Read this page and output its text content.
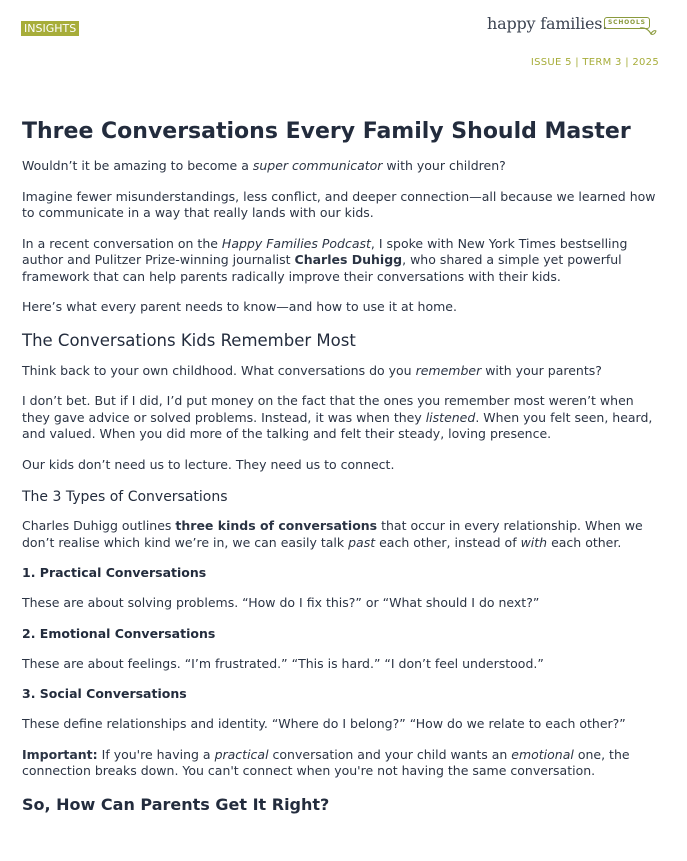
INSIGHTS	happy families. SCHOOLS
ISSUE 5 | TERM 3 | 2025
Three Conversations Every Family Should Master

Wouldn’t it be amazing to become a super communicator with your children?

Imagine fewer misunderstandings, less conflict, and deeper connection—all because we learned how to communicate in a way that really lands with our kids.

In a recent conversation on the Happy Families Podcast, I spoke with New York Times bestselling author and Pulitzer Prize-winning journalist Charles Duhigg, who shared a simple yet powerful framework that can help parents radically improve their conversations with their kids.

Here’s what every parent needs to know—and how to use it at home.

The Conversations Kids Remember Most

Think back to your own childhood. What conversations do you remember with your parents?

I don’t bet. But if I did, I’d put money on the fact that the ones you remember most weren’t when they gave advice or solved problems. Instead, it was when they listened. When you felt seen, heard, and valued. When you did more of the talking and felt their steady, loving presence.

Our kids don’t need us to lecture. They need us to connect.

The 3 Types of Conversations

Charles Duhigg outlines three kinds of conversations that occur in every relationship. When we don’t realise which kind we’re in, we can easily talk past each other, instead of with each other.

1. Practical Conversations

These are about solving problems. “How do I fix this?” or “What should I do next?”

2. Emotional Conversations

These are about feelings. “I’m frustrated.” “This is hard.” “I don’t feel understood.”

3. Social Conversations

These define relationships and identity. “Where do I belong?” “How do we relate to each other?”

Important: If you're having a practical conversation and your child wants an emotional one, the connection breaks down. You can't connect when you're not having the same conversation.

So, How Can Parents Get It Right?
